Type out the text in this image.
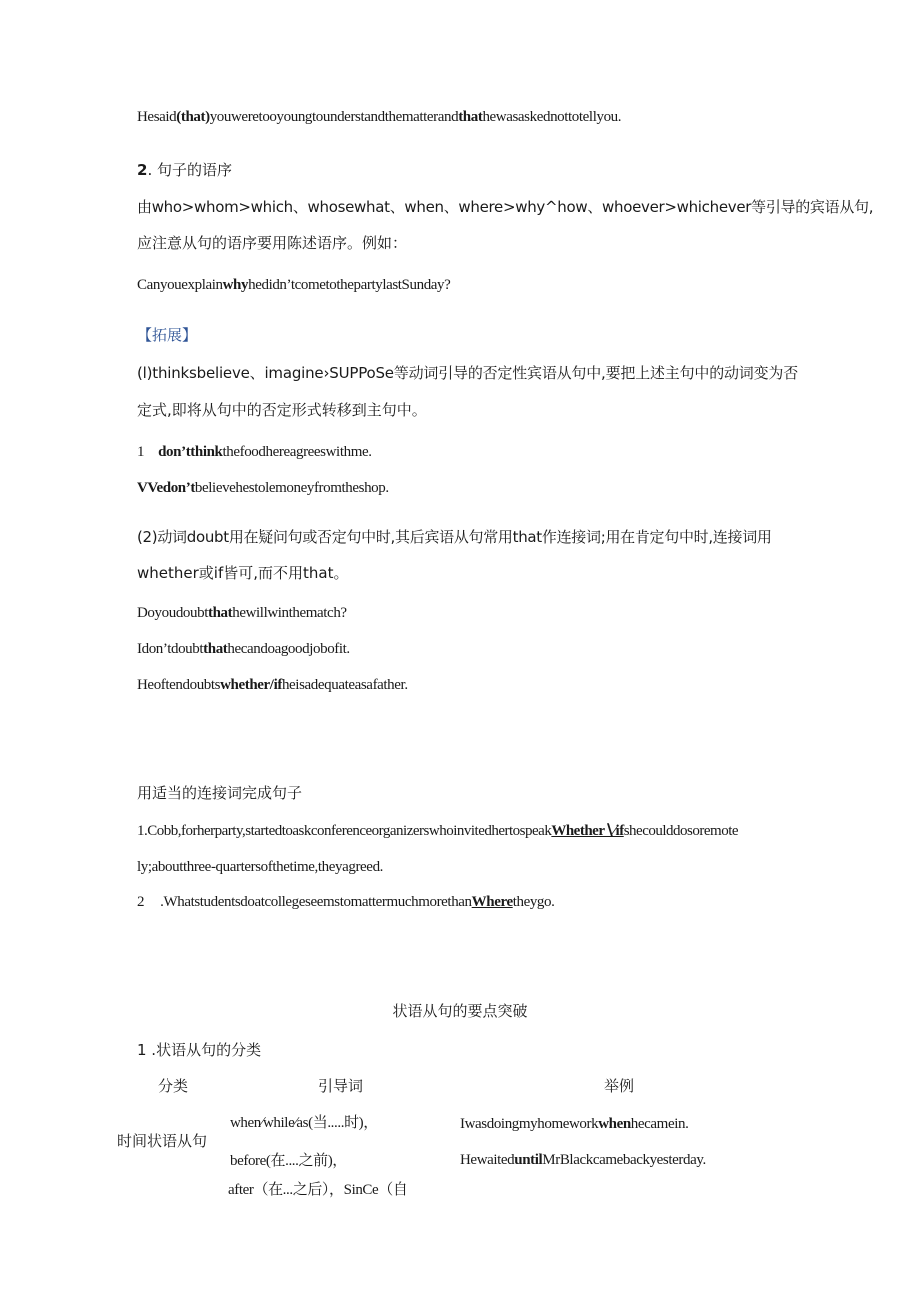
Hesaid(that)youweretooyoungtounderstandthematterandthathewasaskednottotellyou.
2. 句子的语序
由who>whom>which、whosewhat、when、where>why^how、whoever>whichever等引导的宾语从句,
应注意从句的语序要用陈述语序。例如：
Canyouexplainwhyhedidn’tcometothepartylastSunday?
【拓展】
(l)thinksbelieve、imagine›SUPPoSe等动词引导的否定性宾语从句中,要把上述主句中的动词变为否
定式,即将从句中的否定形式转移到主句中。
1 don’tthinkthefoodhereagreeswithme.
VVedon’tbelievehestolemoneyfromtheshop.
(2)动词doubt用在疑问句或否定句中时,其后宾语从句常用that作连接词;用在肯定句中时,连接词用
whether或if皆可,而不用that。
Doyoudoubtthathewillwinthematch?
Idon’tdoubtthathecandoagoodjobofit.
Heoftendoubtswhether/ifheisadequateasafather.
用适当的连接词完成句子
1.Cobb,forherparty,startedtoaskconferenceorganizerswhoinvitedhertospeakWhether∖∕ifshecoulddosoremote
ly;aboutthree-quartersofthetime,theyagreed.
2 .WhatstudentsdoatcollegeseemstomattermuchmorethanWheretheygo.
状语从句的要点突破
1 .状语从句的分类
分类	引导词	举例
时间状语从句
when∕while∕as(当.....时)，
before(在....之前)，
after（在...之后），SinCe（自
Iwasdoingmyhomeworkwhenhecamein.
HewaiteduntilMrBlackcamebackyesterday.
